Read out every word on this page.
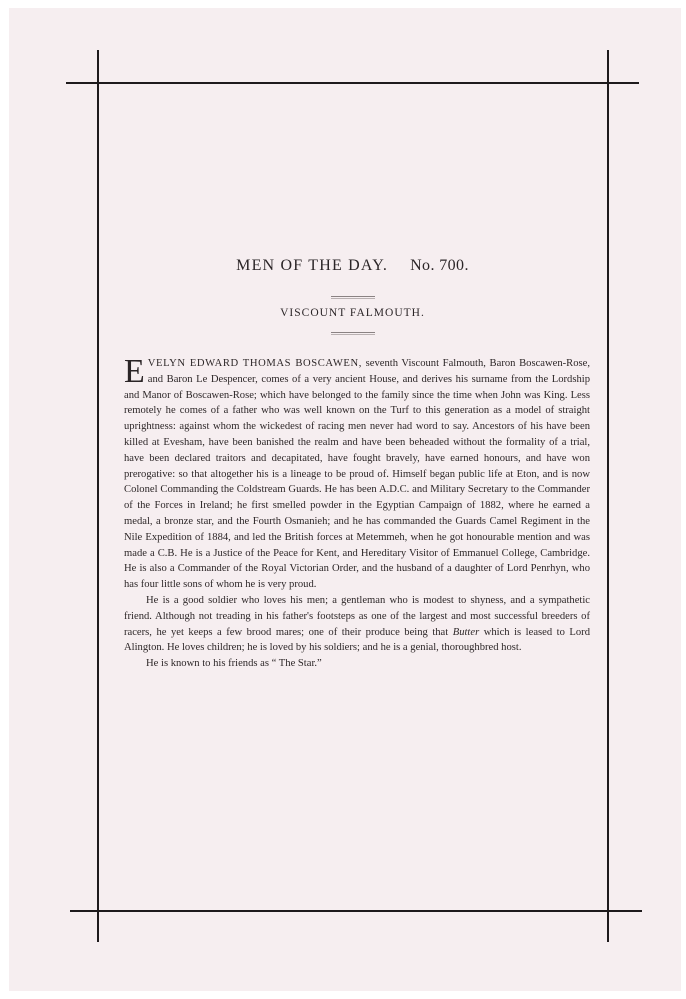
MEN OF THE DAY. No. 700.
VISCOUNT FALMOUTH.

EVELYN EDWARD THOMAS BOSCAWEN, seventh Viscount Falmouth, Baron Boscawen-Rose, and Baron Le Despencer, comes of a very ancient House, and derives his surname from the Lordship and Manor of Boscawen-Rose; which have belonged to the family since the time when John was King. Less remotely he comes of a father who was well known on the Turf to this generation as a model of straight uprightness: against whom the wickedest of racing men never had word to say. Ancestors of his have been killed at Evesham, have been banished the realm and have been beheaded without the formality of a trial, have been declared traitors and decapitated, have fought bravely, have earned honours, and have won prerogative: so that altogether his is a lineage to be proud of. Himself began public life at Eton, and is now Colonel Commanding the Coldstream Guards. He has been A.D.C. and Military Secretary to the Commander of the Forces in Ireland; he first smelled powder in the Egyptian Campaign of 1882, where he earned a medal, a bronze star, and the Fourth Osmanieh; and he has commanded the Guards Camel Regiment in the Nile Expedition of 1884, and led the British forces at Metemmeh, when he got honourable mention and was made a C.B. He is a Justice of the Peace for Kent, and Hereditary Visitor of Emmanuel College, Cambridge. He is also a Commander of the Royal Victorian Order, and the husband of a daughter of Lord Penrhyn, who has four little sons of whom he is very proud.

He is a good soldier who loves his men; a gentleman who is modest to shyness, and a sympathetic friend. Although not treading in his father's footsteps as one of the largest and most successful breeders of racers, he yet keeps a few brood mares; one of their produce being that Butter which is leased to Lord Alington. He loves children; he is loved by his soldiers; and he is a genial, thoroughbred host.

He is known to his friends as “ The Star.”
